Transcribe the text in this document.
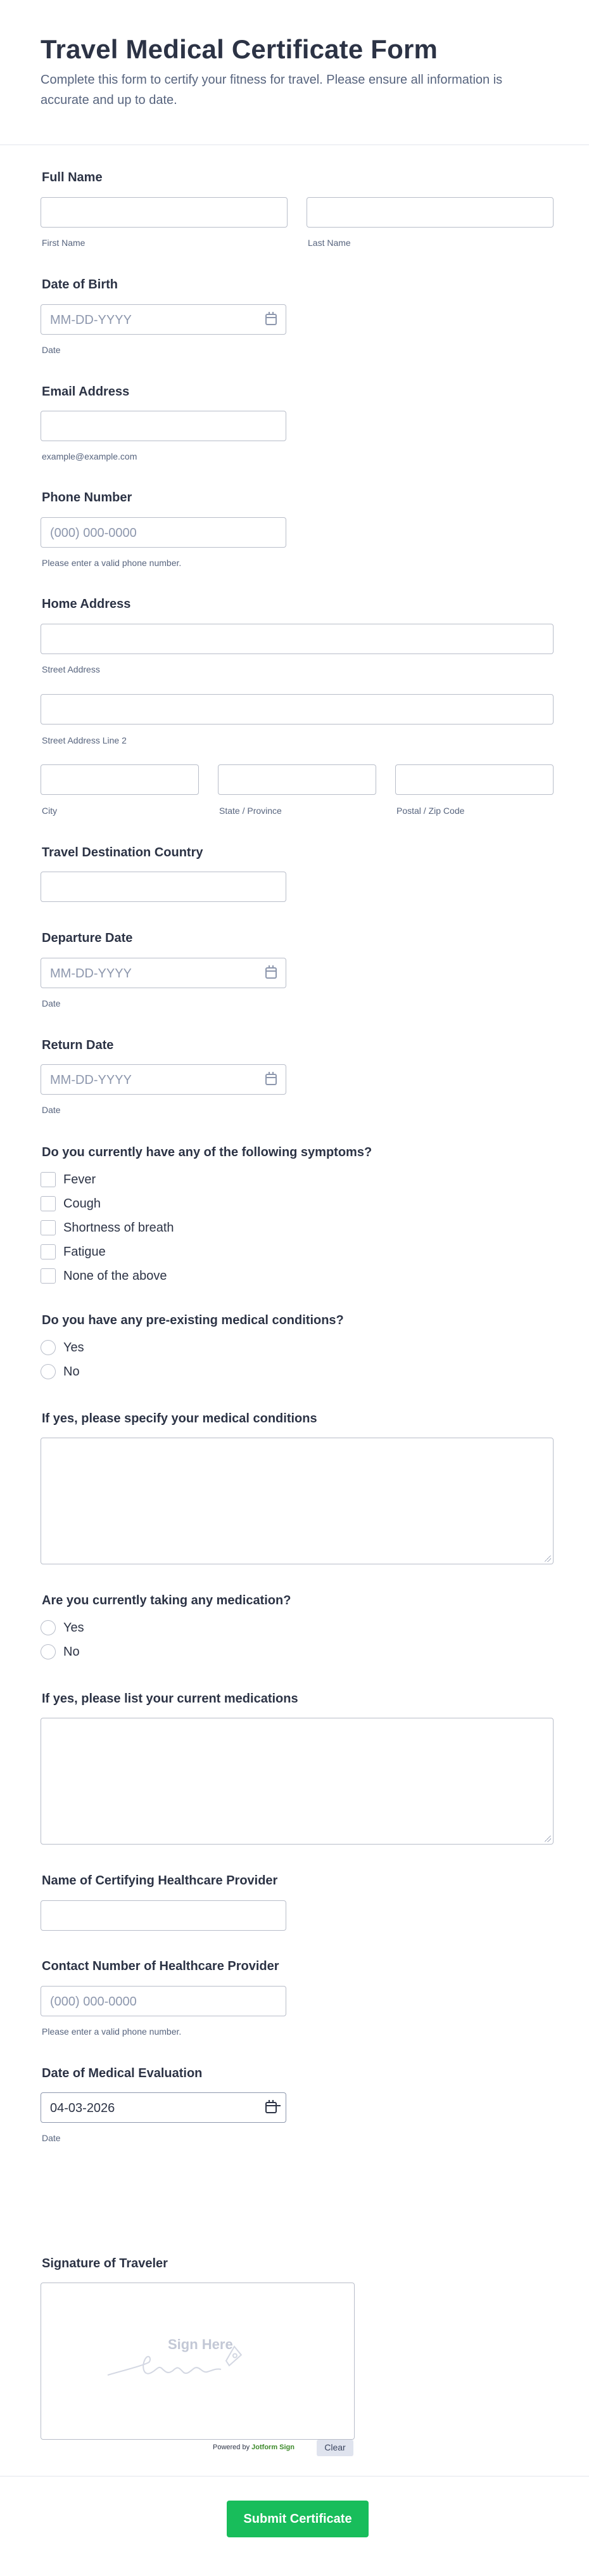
Travel Medical Certificate Form
Complete this form to certify your fitness for travel. Please ensure all information is accurate and up to date.
Full Name
First Name	Last Name
Date of Birth
MM-DD-YYYY
Date
Email Address
example@example.com
Phone Number
(000) 000-0000
Please enter a valid phone number.
Home Address
Street Address
Street Address Line 2
City	State / Province	Postal / Zip Code
Travel Destination Country
Departure Date
MM-DD-YYYY
Date
Return Date
MM-DD-YYYY
Date
Do you currently have any of the following symptoms?
Fever
Cough
Shortness of breath
Fatigue
None of the above
Do you have any pre-existing medical conditions?
Yes
No
If yes, please specify your medical conditions
Are you currently taking any medication?
Yes
No
If yes, please list your current medications
Name of Certifying Healthcare Provider
Contact Number of Healthcare Provider
(000) 000-0000
Please enter a valid phone number.
Date of Medical Evaluation
04-03-2026
Date
Signature of Traveler
Sign Here
Powered by Jotform Sign	Clear
Submit Certificate
